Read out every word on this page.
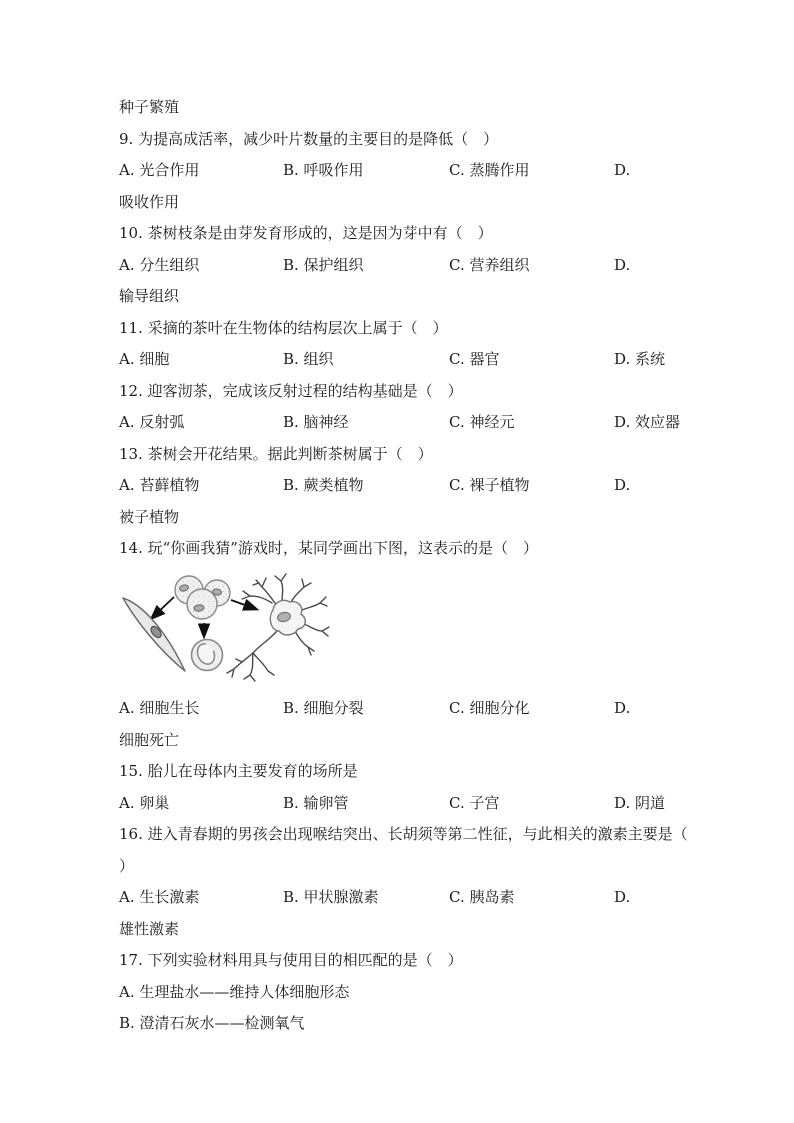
种子繁殖
9. 为提高成活率，减少叶片数量的主要目的是降低（　）
A. 光合作用	B. 呼吸作用	C. 蒸腾作用	D.
吸收作用
10. 茶树枝条是由芽发育形成的，这是因为芽中有（　）
A. 分生组织	B. 保护组织	C. 营养组织	D.
输导组织
11. 采摘的茶叶在生物体的结构层次上属于（　）
A. 细胞	B. 组织	C. 器官	D. 系统
12. 迎客沏茶，完成该反射过程的结构基础是（　）
A. 反射弧	B. 脑神经	C. 神经元	D. 效应器
13. 茶树会开花结果。据此判断茶树属于（　）
A. 苔藓植物	B. 蕨类植物	C. 裸子植物	D.
被子植物
14. 玩“你画我猜”游戏时，某同学画出下图，这表示的是（　）
A. 细胞生长	B. 细胞分裂	C. 细胞分化	D.
细胞死亡
15. 胎儿在母体内主要发育的场所是
A. 卵巢	B. 输卵管	C. 子宫	D. 阴道
16. 进入青春期的男孩会出现喉结突出、长胡须等第二性征，与此相关的激素主要是（
）
A. 生长激素	B. 甲状腺激素	C. 胰岛素	D.
雄性激素
17. 下列实验材料用具与使用目的相匹配的是（　）
A. 生理盐水——维持人体细胞形态
B. 澄清石灰水——检测氧气
